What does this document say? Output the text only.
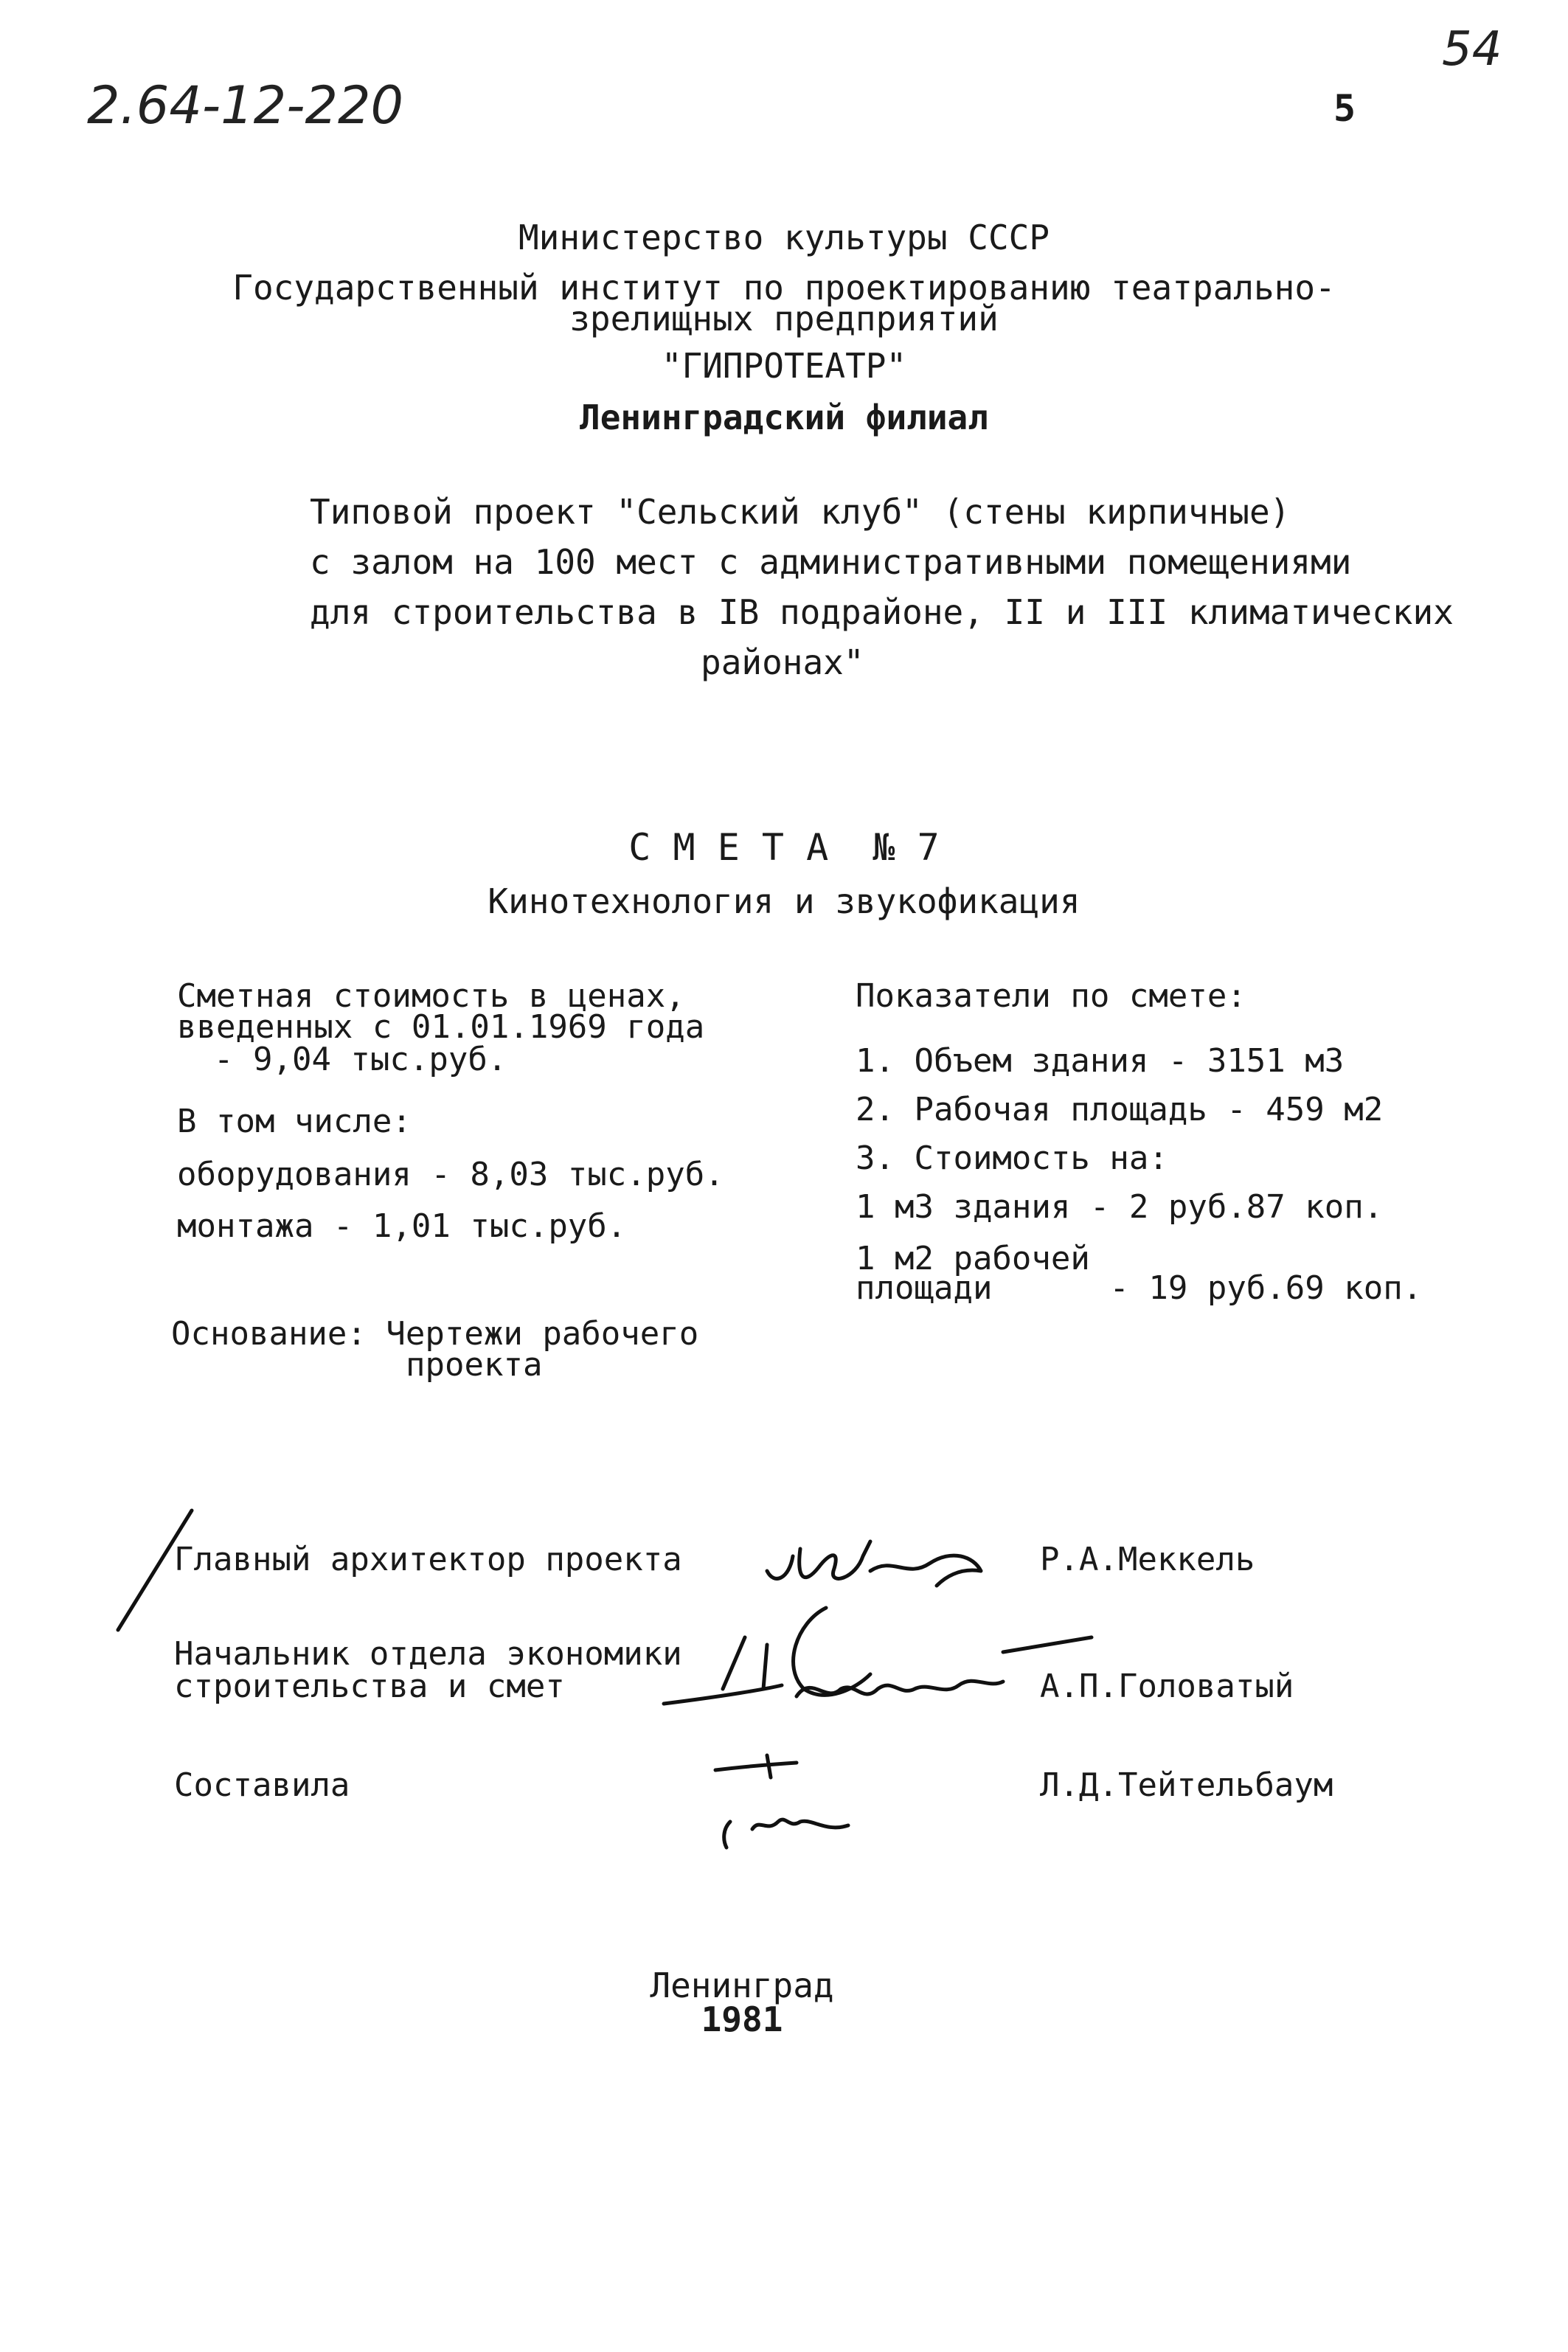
2.64-12-220	5
54
Министерство культуры СССР
Государственный институт по проектированию театрально-
зрелищных предприятий
"ГИПРОТЕАТР"
Ленинградский филиал
Типовой проект "Сельский клуб" (стены кирпичные)
с залом на 100 мест с административными помещениями
для строительства в IB подрайоне, II и III климатических
районах"
С М Е Т А  № 7
Кинотехнология и звукофикация
Сметная стоимость в ценах,
введенных с 01.01.1969 года
- 9,04 тыс.руб.
В том числе:
оборудования - 8,03 тыс.руб.
монтажа - 1,01 тыс.руб.
Основание: Чертежи рабочего
проекта
Показатели по смете:
1. Объем здания - 3151 м3
2. Рабочая площадь - 459 м2
3. Стоимость на:
1 м3 здания - 2 руб.87 коп.
1 м2 рабочей
площади      - 19 руб.69 коп.
Главный архитектор проекта	Р.А.Меккель
Начальник отдела экономики
строительства и смет	А.П.Головатый
Составила	Л.Д.Тейтельбаум
Ленинград
1981
